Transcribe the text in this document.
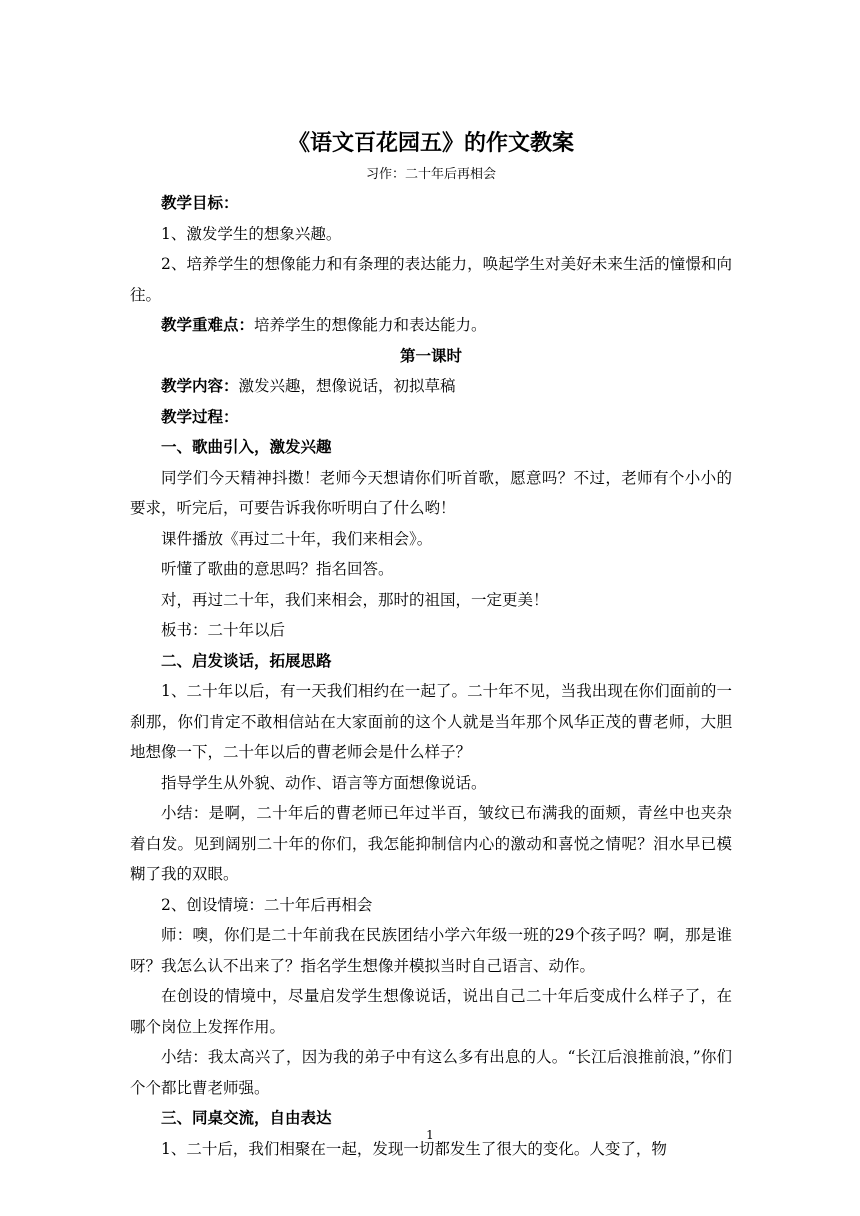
《语文百花园五》的作文教案
习作：二十年后再相会

教学目标：

1、激发学生的想象兴趣。

2、培养学生的想像能力和有条理的表达能力，唤起学生对美好未来生活的憧憬和向往。

教学重难点：培养学生的想像能力和表达能力。

第一课时

教学内容：激发兴趣，想像说话，初拟草稿

教学过程：

一、歌曲引入，激发兴趣

同学们今天精神抖擞！老师今天想请你们听首歌，愿意吗？不过，老师有个小小的要求，听完后，可要告诉我你听明白了什么哟！

课件播放《再过二十年，我们来相会》。

听懂了歌曲的意思吗？指名回答。

对，再过二十年，我们来相会，那时的祖国，一定更美！

板书：二十年以后

二、启发谈话，拓展思路

1、二十年以后，有一天我们相约在一起了。二十年不见，当我出现在你们面前的一刹那，你们肯定不敢相信站在大家面前的这个人就是当年那个风华正茂的曹老师，大胆地想像一下，二十年以后的曹老师会是什么样子？

指导学生从外貌、动作、语言等方面想像说话。

小结：是啊，二十年后的曹老师已年过半百，皱纹已布满我的面颊，青丝中也夹杂着白发。见到阔别二十年的你们，我怎能抑制信内心的激动和喜悦之情呢？泪水早已模糊了我的双眼。

2、创设情境：二十年后再相会

师：噢，你们是二十年前我在民族团结小学六年级一班的29个孩子吗？啊，那是谁呀？我怎么认不出来了？指名学生想像并模拟当时自己语言、动作。

在创设的情境中，尽量启发学生想像说话，说出自己二十年后变成什么样子了，在哪个岗位上发挥作用。

小结：我太高兴了，因为我的弟子中有这么多有出息的人。“长江后浪推前浪，”你们个个都比曹老师强。

三、同桌交流，自由表达

1、二十后，我们相聚在一起，发现一切都发生了很大的变化。人变了，物

1
